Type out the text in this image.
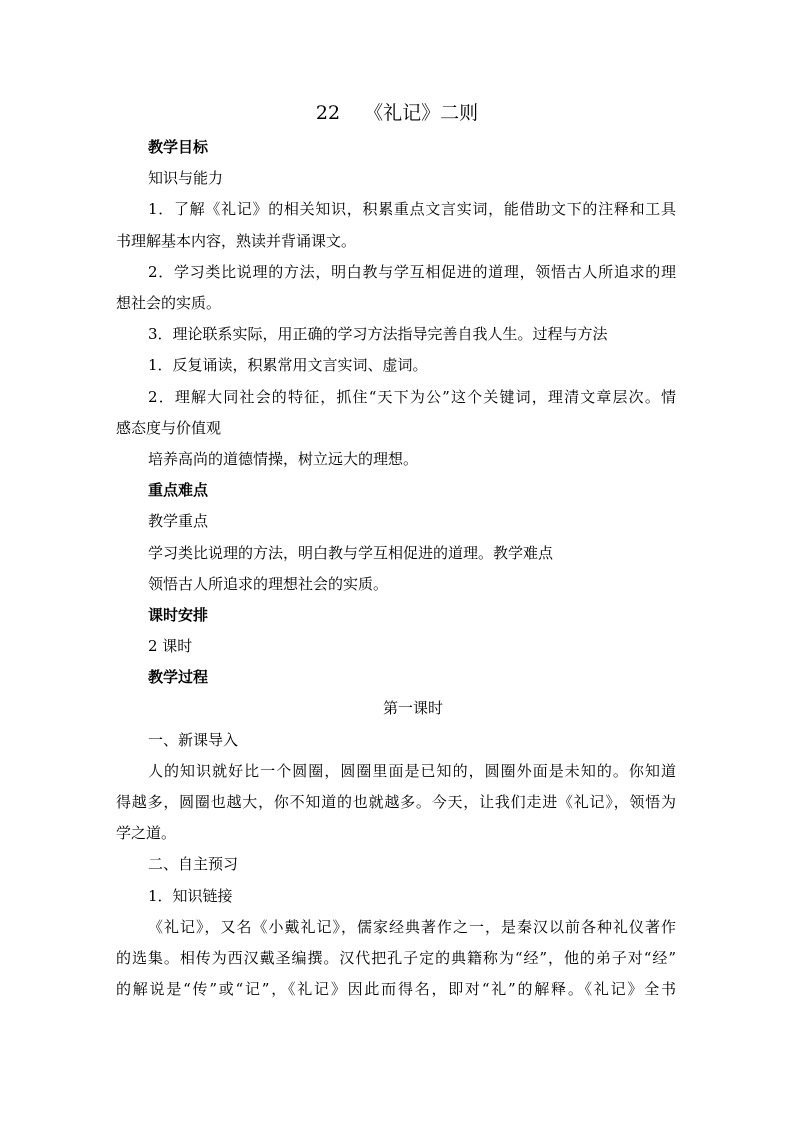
22 《礼记》二则
教学目标
知识与能力
1．了解《礼记》的相关知识，积累重点文言实词，能借助文下的注释和工具
书理解基本内容，熟读并背诵课文。
2．学习类比说理的方法，明白教与学互相促进的道理，领悟古人所追求的理
想社会的实质。
3．理论联系实际，用正确的学习方法指导完善自我人生。过程与方法
1．反复诵读，积累常用文言实词、虚词。
2．理解大同社会的特征，抓住“天下为公”这个关键词，理清文章层次。情
感态度与价值观
培养高尚的道德情操，树立远大的理想。
重点难点
教学重点
学习类比说理的方法，明白教与学互相促进的道理。教学难点
领悟古人所追求的理想社会的实质。
课时安排
2 课时
教学过程
第一课时
一、新课导入
人的知识就好比一个圆圈，圆圈里面是已知的，圆圈外面是未知的。你知道
得越多，圆圈也越大，你不知道的也就越多。今天，让我们走进《礼记》，领悟为
学之道。
二、自主预习
1．知识链接
《礼记》，又名《小戴礼记》，儒家经典著作之一，是秦汉以前各种礼仪著作
的选集。相传为西汉戴圣编撰。汉代把孔子定的典籍称为“经”，他的弟子对“经”
的解说是“传”或“记”，《礼记》因此而得名，即对“礼”的解释。《礼记》全书
